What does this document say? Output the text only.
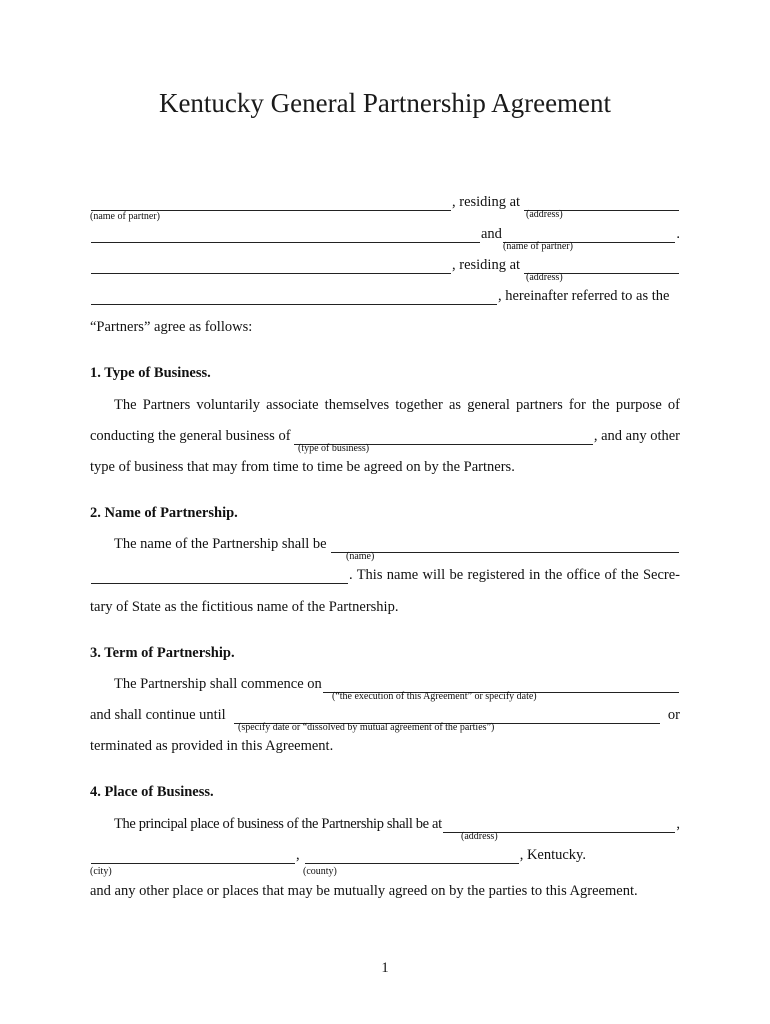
Kentucky General Partnership Agreement
, residing at
(name of partner)	(address)
and	.
(name of partner)
, residing at
(address)
, hereinafter referred to as the
“Partners” agree as follows:
1. Type of Business.
The Partners voluntarily associate themselves together as general partners for the purpose of
conducting the general business of	, and any other
(type of business)
type of business that may from time to time be agreed on by the Partners.
2. Name of Partnership.
The name of the Partnership shall be
(name)
. This name will be registered in the office of the Secre-
tary of State as the fictitious name of the Partnership.
3. Term of Partnership.
The Partnership shall commence on
(“the execution of this Agreement” or specify date)
and shall continue until	or
(specify date or “dissolved by mutual agreement of the parties”)
terminated as provided in this Agreement.
4. Place of Business.
The principal place of business of the Partnership shall be at	,
(address)
,	, Kentucky.
(city)	(county)
and any other place or places that may be mutually agreed on by the parties to this Agreement.
1
